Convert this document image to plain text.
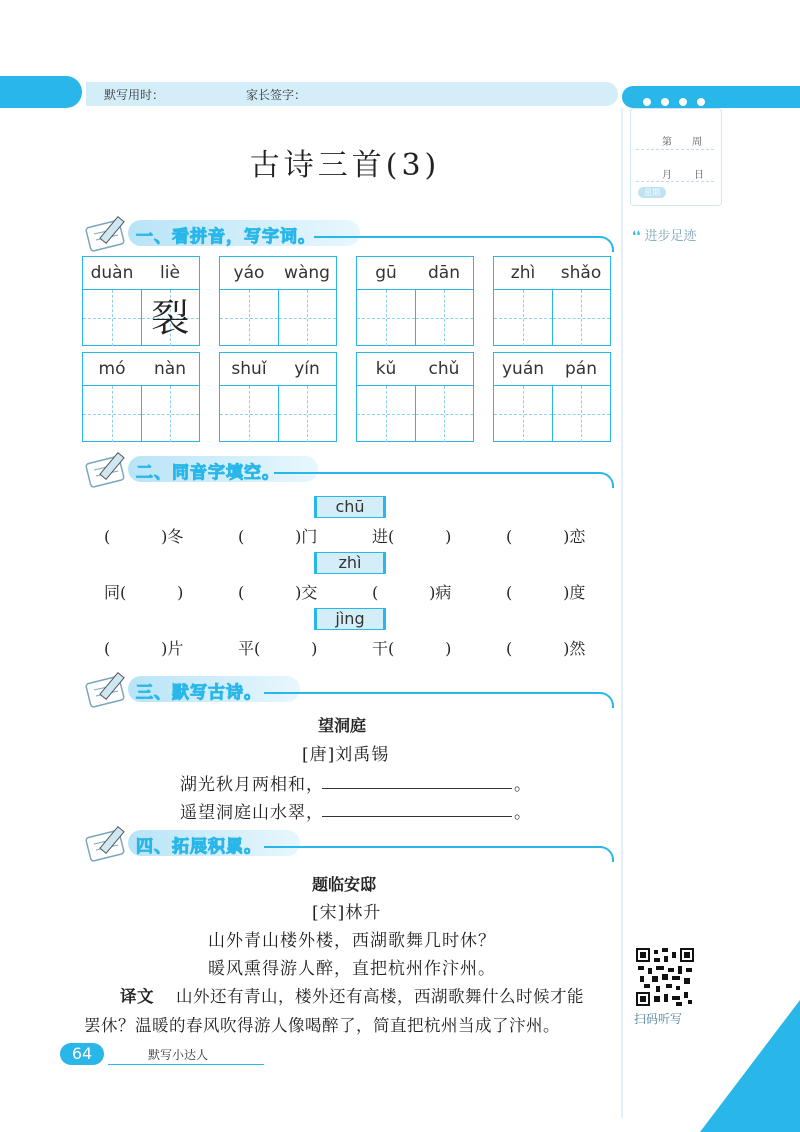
默写用时：	家长签字：
第 周
月 日
星期
❛❛ 进步足迹
古诗三首(3)
一、看拼音，写字词。
duàn	liè
裂
yáo	wàng	gū	dān	zhì	shǎo
mó	nàn	shuǐ	yín	kǔ	chǔ	yuán	pán
二、同音字填空。
chū
(          )冬	(          )门	进(          )	(          )恋
zhì
同(          )	(          )交	(          )病	(          )度
jìng
(          )片	平(          )	干(          )	(          )然
三、默写古诗。
望洞庭
[唐]刘禹锡
湖光秋月两相和，	。
遥望洞庭山水翠，	。
四、拓展积累。
题临安邸
[宋]林升
山外青山楼外楼，西湖歌舞几时休？
暖风熏得游人醉，直把杭州作汴州。
译文 山外还有青山，楼外还有高楼，西湖歌舞什么时候才能
罢休？温暖的春风吹得游人像喝醉了，简直把杭州当成了汴州。	扫码听写
64	默写小达人
